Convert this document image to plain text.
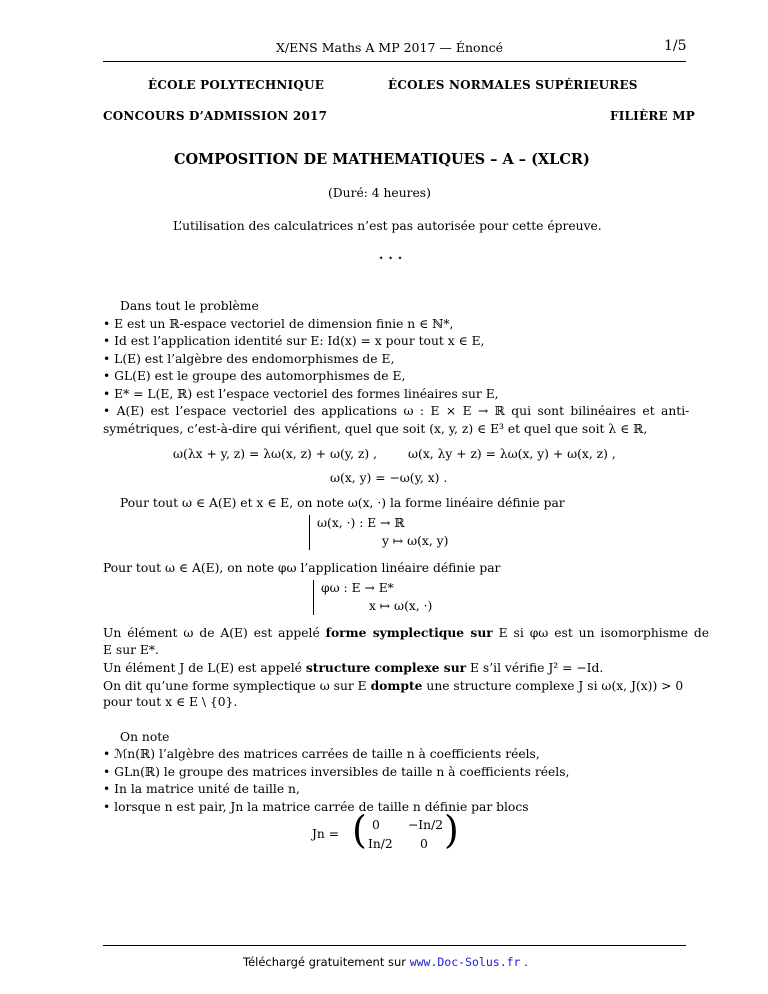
X/ENS Maths A MP 2017 — Énoncé	1/5
ÉCOLE POLYTECHNIQUE	ÉCOLES NORMALES SUPÉRIEURES
CONCOURS D’ADMISSION 2017	FILIÈRE MP
COMPOSITION DE MATHEMATIQUES – A – (XLCR)
(Duré: 4 heures)
L’utilisation des calculatrices n’est pas autorisée pour cette épreuve.
⋆ ⋆ ⋆
Dans tout le problème
• E est un ℝ-espace vectoriel de dimension finie n ∈ ℕ*,
• Id est l’application identité sur E: Id(x) = x pour tout x ∈ E,
• L(E) est l’algèbre des endomorphismes de E,
• GL(E) est le groupe des automorphismes de E,
• E* = L(E, ℝ) est l’espace vectoriel des formes linéaires sur E,
• A(E) est l’espace vectoriel des applications ω : E × E → ℝ qui sont bilinéaires et anti-
symétriques, c’est-à-dire qui vérifient, quel que soit (x, y, z) ∈ E³ et quel que soit λ ∈ ℝ,
ω(λx + y, z) = λω(x, z) + ω(y, z) ,	ω(x, λy + z) = λω(x, y) + ω(x, z) ,
ω(x, y) = −ω(y, x) .
Pour tout ω ∈ A(E) et x ∈ E, on note ω(x, ·) la forme linéaire définie par
ω(x, ·) : E → ℝ
y ↦ ω(x, y)
Pour tout ω ∈ A(E), on note φω l’application linéaire définie par
φω : E → E*
x ↦ ω(x, ·)
Un élément ω de A(E) est appelé forme symplectique sur E si φω est un isomorphisme de
E sur E*.
Un élément J de L(E) est appelé structure complexe sur E s’il vérifie J² = −Id.
On dit qu’une forme symplectique ω sur E dompte une structure complexe J si ω(x, J(x)) > 0
pour tout x ∈ E \ {0}.
On note
• ℳn(ℝ) l’algèbre des matrices carrées de taille n à coefficients réels,
• GLn(ℝ) le groupe des matrices inversibles de taille n à coefficients réels,
• In la matrice unité de taille n,
• lorsque n est pair, Jn la matrice carrée de taille n définie par blocs
Jn = ( 0 −In/2
In/2 0 )
Téléchargé gratuitement sur www.Doc-Solus.fr .
